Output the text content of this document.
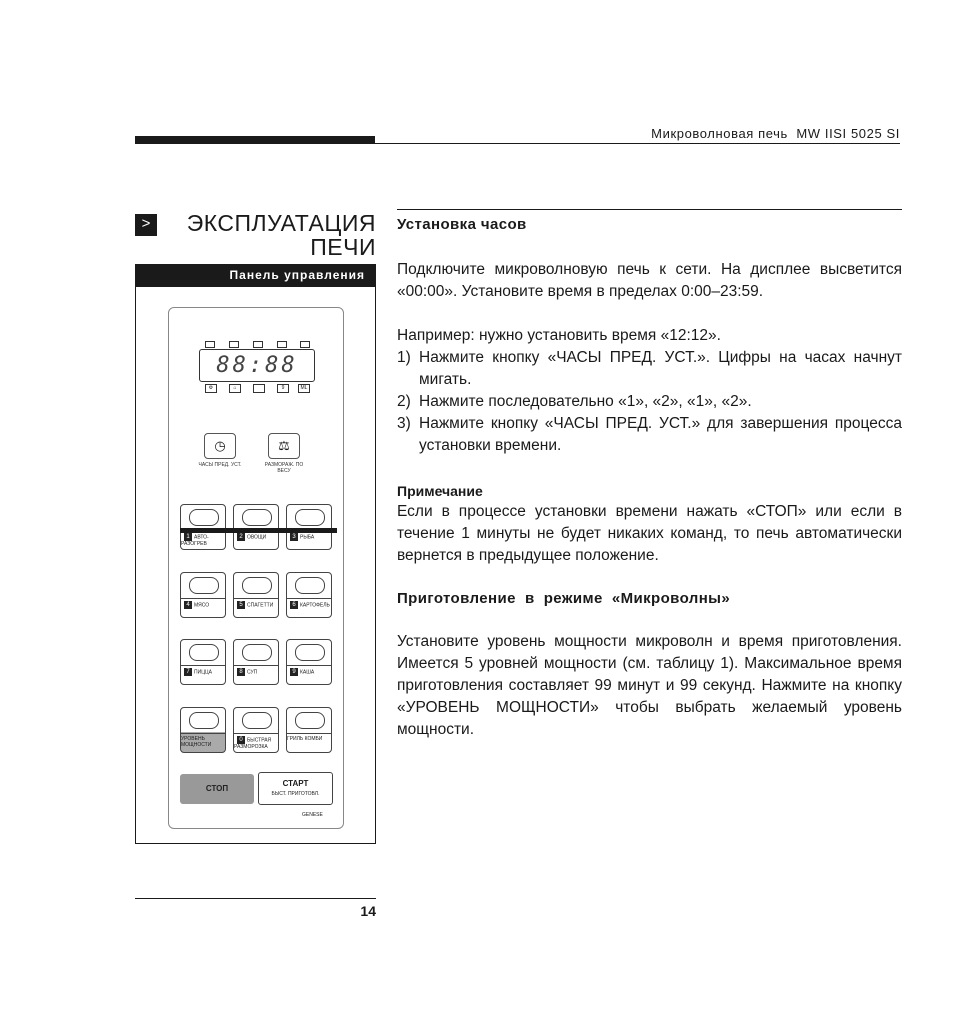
Микроволновая печь  MW IISI 5025 SI
> ЭКСПЛУАТАЦИЯ
ПЕЧИ
Панель управления
88:88
⚙	⌂	9	ML
◷
ЧАСЫ ПРЕД. УСТ.
⚖
РАЗМОРАЖ. ПО ВЕСУ
1 АВТО-РАЗОГРЕВ
2 ОВОЩИ	3 РЫБА
4 МЯСО	5 СПАГЕТТИ	6 КАРТОФЕЛЬ
7 ПИЦЦА	8 СУП	9 КАША
УРОВЕНЬ МОЩНОСТИ
0 БЫСТРАЯ РАЗМОРОЗКА
ГРИЛЬ КОМБИ
СТОП
СТАРТ
БЫСТ. ПРИГОТОВЛ.
GENESE
Установка часов
Подключите микроволновую печь к сети. На дисплее высветится «00:00». Установите время в пределах 0:00–23:59.
Например: нужно установить время «12:12».
1) Нажмите кнопку «ЧАСЫ ПРЕД. УСТ.». Цифры на часах начнут мигать.
2) Нажмите последовательно «1», «2», «1», «2».
3) Нажмите кнопку «ЧАСЫ ПРЕД. УСТ.» для завершения процесса установки времени.
Примечание
Если в процессе установки времени нажать «СТОП» или если в течение 1 минуты не будет никаких команд, то печь автоматически вернется в предыдущее положение.
Приготовление  в  режиме  «Микроволны»
Установите уровень мощности микроволн и время приготовления. Имеется 5 уровней мощности (см. таблицу 1). Максимальное время приготовления составляет 99 минут и 99 секунд. Нажмите на кнопку «УРОВЕНЬ МОЩНОСТИ» чтобы выбрать желаемый уровень мощности.
14
